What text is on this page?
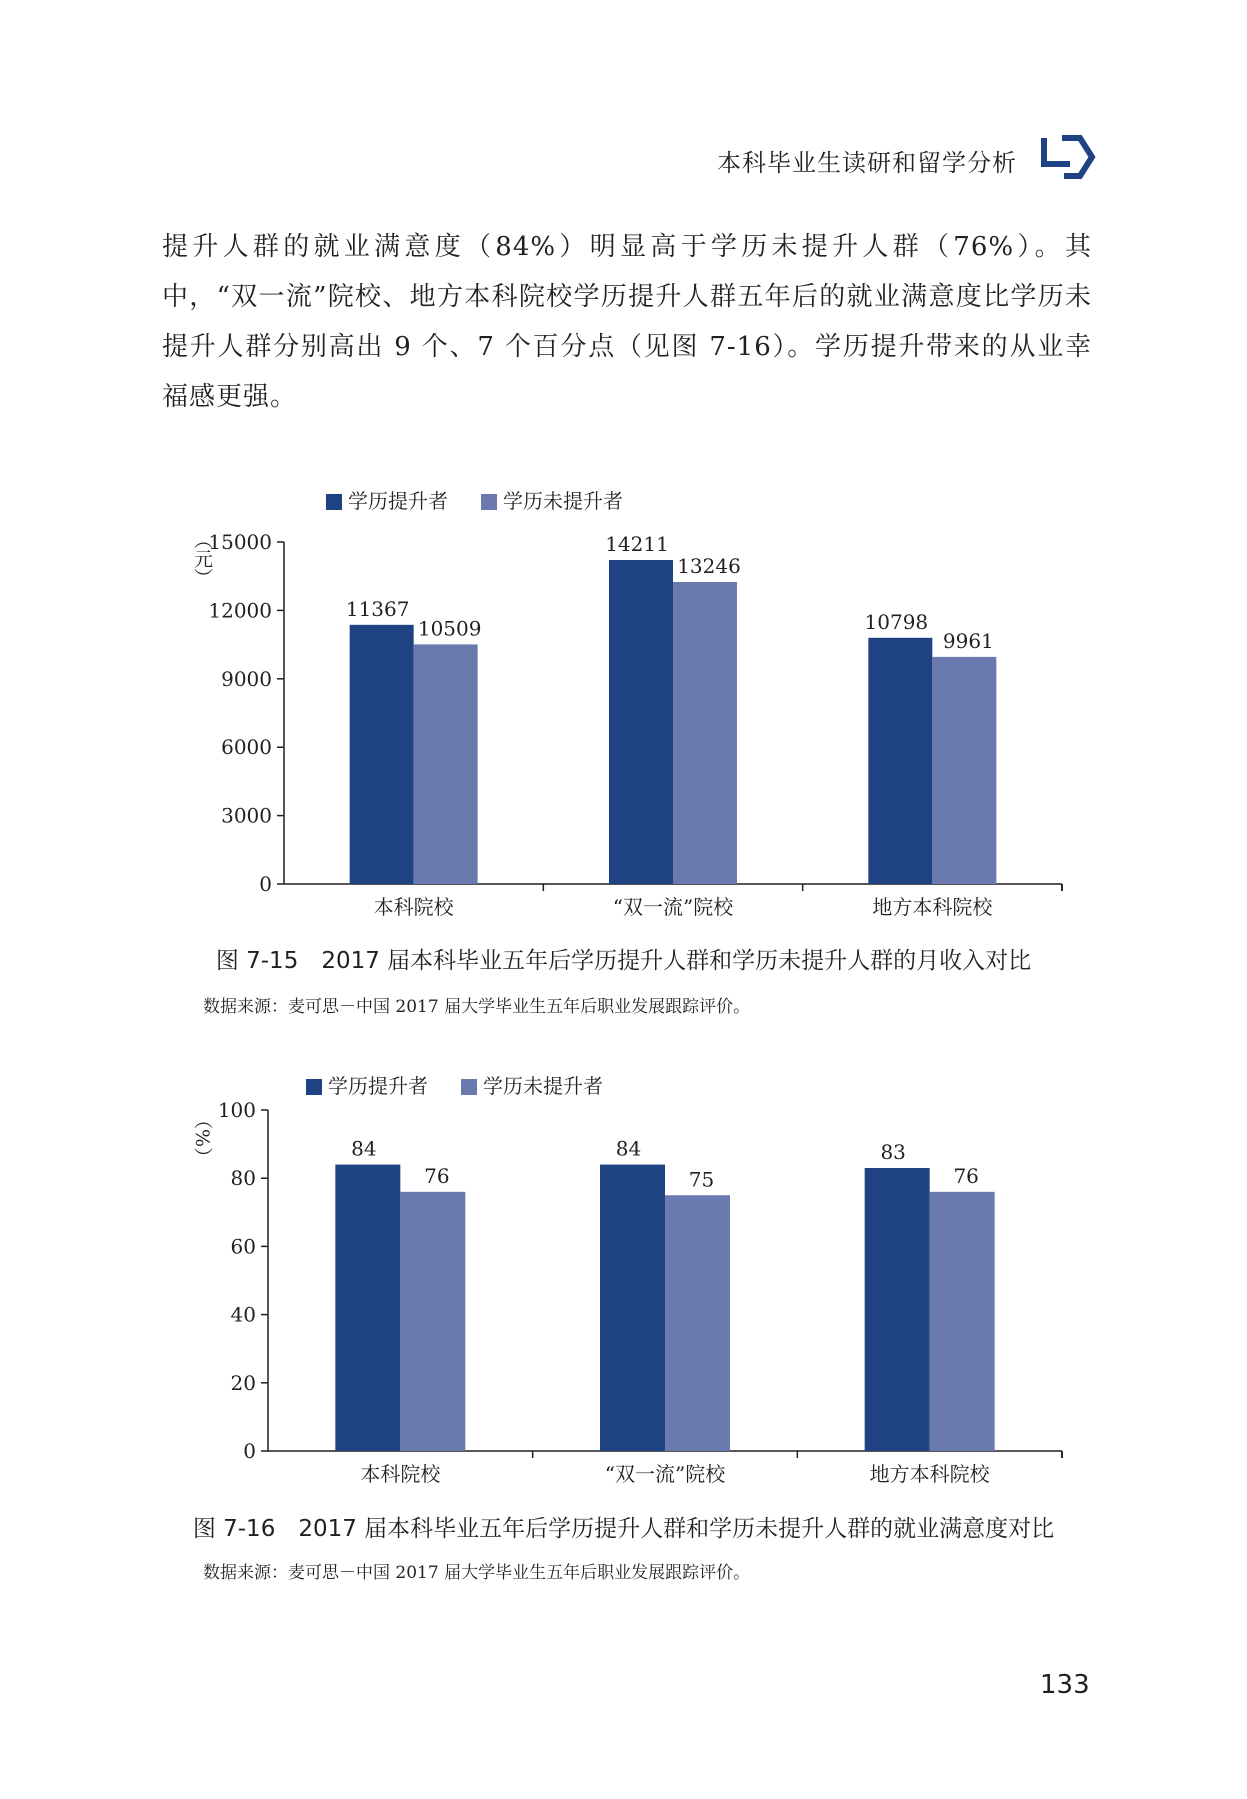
本科毕业生读研和留学分析
提升人群的就业满意度（84%）明显高于学历未提升人群（76%）。其中，“双一流”院校、地方本科院校学历提升人群五年后的就业满意度比学历未提升人群分别高出 9 个、7 个百分点（见图 7-16）。学历提升带来的从业幸福感更强。
学历提升者	学历未提升者
（元）
0
3000
6000
9000
12000
15000
11367
10509
本科院校
14211
13246
“双一流”院校
10798
9961
地方本科院校
图 7-15　2017 届本科毕业五年后学历提升人群和学历未提升人群的月收入对比
数据来源：麦可思－中国 2017 届大学毕业生五年后职业发展跟踪评价。
学历提升者	学历未提升者
（%）
0
20
40
60
80
100
84
76
本科院校
84
75
“双一流”院校
83
76
地方本科院校
图 7-16　2017 届本科毕业五年后学历提升人群和学历未提升人群的就业满意度对比
数据来源：麦可思－中国 2017 届大学毕业生五年后职业发展跟踪评价。
133
